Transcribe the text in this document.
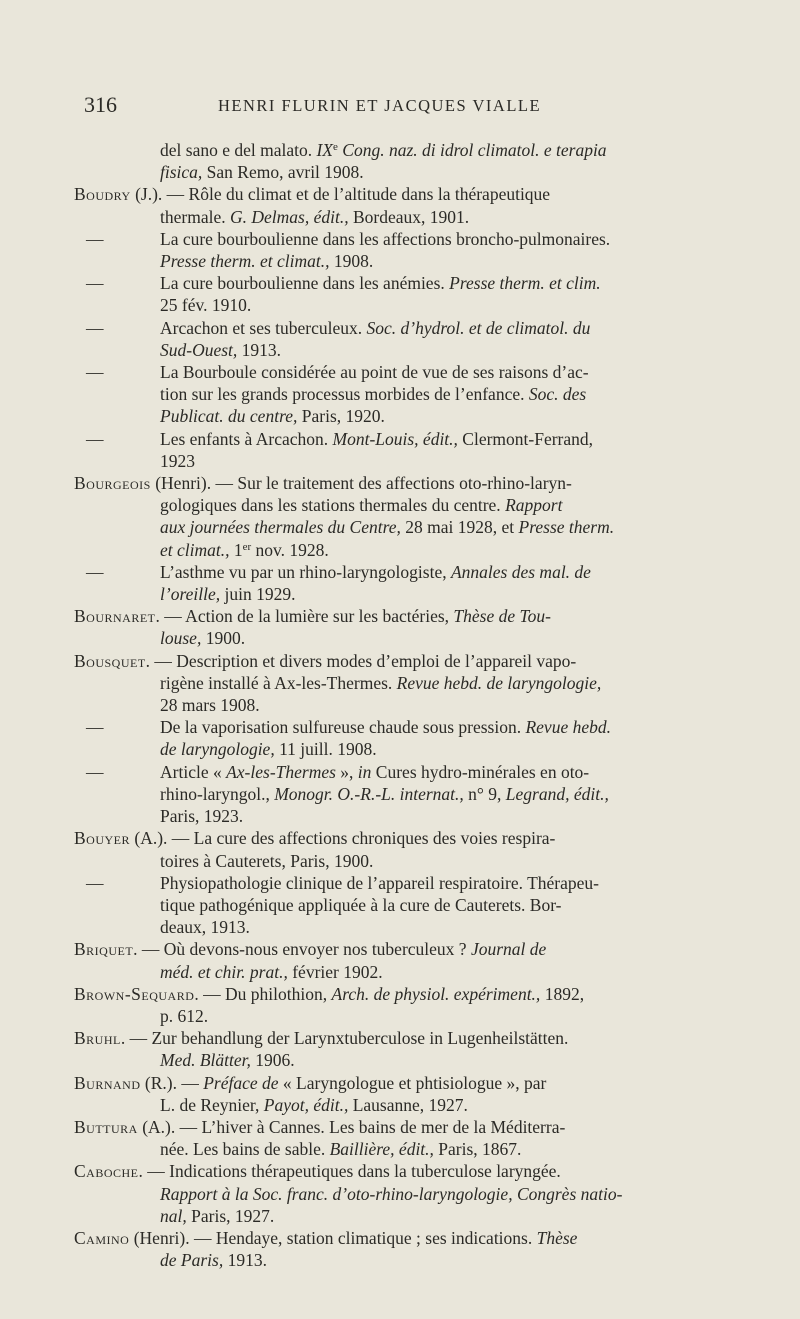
316	HENRI FLURIN ET JACQUES VIALLE
del sano e del malato. IXe Cong. naz. di idrol climatol. e terapia
fisica, San Remo, avril 1908.
Boudry (J.). — Rôle du climat et de l’altitude dans la thérapeutique
thermale. G. Delmas, édit., Bordeaux, 1901.
—	La cure bourboulienne dans les affections broncho-pulmonaires.
Presse therm. et climat., 1908.
—	La cure bourboulienne dans les anémies. Presse therm. et clim.
25 fév. 1910.
—	Arcachon et ses tuberculeux. Soc. d’hydrol. et de climatol. du
Sud-Ouest, 1913.
—	La Bourboule considérée au point de vue de ses raisons d’ac-
tion sur les grands processus morbides de l’enfance. Soc. des
Publicat. du centre, Paris, 1920.
—	Les enfants à Arcachon. Mont-Louis, édit., Clermont-Ferrand,
1923
Bourgeois (Henri). — Sur le traitement des affections oto-rhino-laryn-
gologiques dans les stations thermales du centre. Rapport
aux journées thermales du Centre, 28 mai 1928, et Presse therm.
et climat., 1er nov. 1928.
—	L’asthme vu par un rhino-laryngologiste, Annales des mal. de
l’oreille, juin 1929.
Bournaret. — Action de la lumière sur les bactéries, Thèse de Tou-
louse, 1900.
Bousquet. — Description et divers modes d’emploi de l’appareil vapo-
rigène installé à Ax-les-Thermes. Revue hebd. de laryngologie,
28 mars 1908.
—	De la vaporisation sulfureuse chaude sous pression. Revue hebd.
de laryngologie, 11 juill. 1908.
—	Article « Ax-les-Thermes », in Cures hydro-minérales en oto-
rhino-laryngol., Monogr. O.-R.-L. internat., n° 9, Legrand, édit.,
Paris, 1923.
Bouyer (A.). — La cure des affections chroniques des voies respira-
toires à Cauterets, Paris, 1900.
—	Physiopathologie clinique de l’appareil respiratoire. Thérapeu-
tique pathogénique appliquée à la cure de Cauterets. Bor-
deaux, 1913.
Briquet. — Où devons-nous envoyer nos tuberculeux ? Journal de
méd. et chir. prat., février 1902.
Brown-Sequard. — Du philothion, Arch. de physiol. expériment., 1892,
p. 612.
Bruhl. — Zur behandlung der Larynxtuberculose in Lugenheilstätten.
Med. Blätter, 1906.
Burnand (R.). — Préface de « Laryngologue et phtisiologue », par
L. de Reynier, Payot, édit., Lausanne, 1927.
Buttura (A.). — L’hiver à Cannes. Les bains de mer de la Méditerra-
née. Les bains de sable. Baillière, édit., Paris, 1867.
Caboche. — Indications thérapeutiques dans la tuberculose laryngée.
Rapport à la Soc. franc. d’oto-rhino-laryngologie, Congrès natio-
nal, Paris, 1927.
Camino (Henri). — Hendaye, station climatique ; ses indications. Thèse
de Paris, 1913.
